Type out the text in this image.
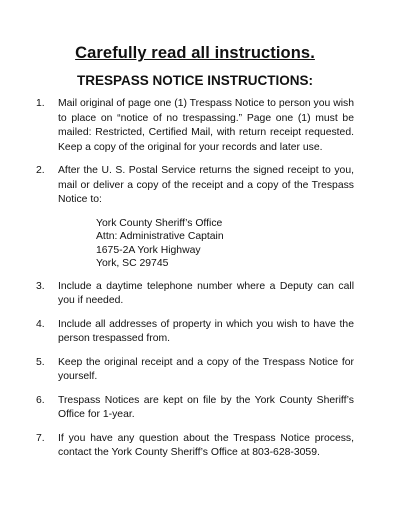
Carefully read all instructions.
TRESPASS NOTICE INSTRUCTIONS:
1.	Mail original of page one (1) Trespass Notice to person you wish to place on “notice of no trespassing.” Page one (1) must be mailed: Restricted, Certified Mail, with return receipt requested. Keep a copy of the original for your records and later use.
2.	After the U. S. Postal Service returns the signed receipt to you, mail or deliver a copy of the receipt and a copy of the Trespass Notice to:
York County Sheriff’s Office
Attn: Administrative Captain
1675-2A York Highway
York, SC 29745
3.	Include a daytime telephone number where a Deputy can call you if needed.
4.	Include all addresses of property in which you wish to have the person trespassed from.
5.	Keep the original receipt and a copy of the Trespass Notice for yourself.
6.	Trespass Notices are kept on file by the York County Sheriff’s Office for 1-year.
7.	If you have any question about the Trespass Notice process, contact the York County Sheriff’s Office at 803-628-3059.
